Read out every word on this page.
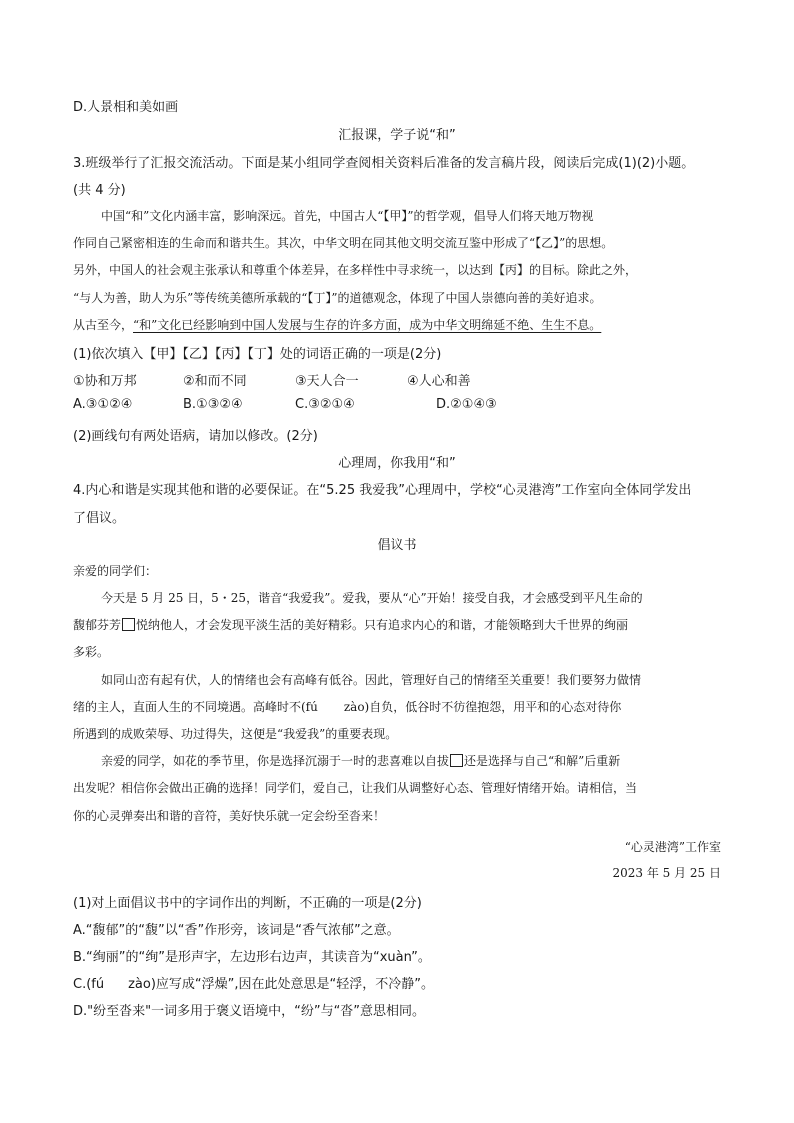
D.人景相和美如画
汇报课，学子说“和”
3.班级举行了汇报交流活动。下面是某小组同学查阅相关资料后准备的发言稿片段，阅读后完成(1)(2)小题。
(共 4 分)
中国“和”文化内涵丰富，影响深远。首先，中国古人“【甲】”的哲学观，倡导人们将天地万物视
作同自己紧密相连的生命而和谐共生。其次，中华文明在同其他文明交流互鉴中形成了“【乙】”的思想。
另外，中国人的社会观主张承认和尊重个体差异，在多样性中寻求统一，以达到【丙】的目标。除此之外，
“与人为善，助人为乐”等传统美德所承载的“【丁】”的道德观念，体现了中国人崇德向善的美好追求。
从古至今，“和”文化已经影响到中国人发展与生存的许多方面，成为中华文明绵延不绝、生生不息。
(1)依次填入【甲】【乙】【丙】【丁】处的词语正确的一项是(2分)
①协和万邦	②和而不同	③天人合一	④人心和善
A.③①②④	B.①③②④	C.③②①④	D.②①④③
(2)画线句有两处语病，请加以修改。(2分)
心理周，你我用“和”
4.内心和谐是实现其他和谐的必要保证。在“5.25 我爱我”心理周中，学校“心灵港湾”工作室向全体同学发出
了倡议。
倡议书
亲爱的同学们：
今天是 5 月 25 日，5・25，谐音“我爱我”。爱我，要从“心”开始！接受自我，才会感受到平凡生命的
馥郁芬芳 悦纳他人，才会发现平淡生活的美好精彩。只有追求内心的和谐，才能领略到大千世界的绚丽
多彩。
如同山峦有起有伏，人的情绪也会有高峰有低谷。因此，管理好自己的情绪至关重要！我们要努力做情
绪的主人，直面人生的不同境遇。高峰时不(fú zào)自负，低谷时不彷徨抱怨，用平和的心态对待你
所遇到的成败荣辱、功过得失，这便是“我爱我”的重要表现。
亲爱的同学，如花的季节里，你是选择沉溺于一时的悲喜难以自拔 还是选择与自己“和解”后重新
出发呢？相信你会做出正确的选择！同学们，爱自己，让我们从调整好心态、管理好情绪开始。请相信，当
你的心灵弹奏出和谐的音符，美好快乐就一定会纷至沓来！
“心灵港湾”工作室
2023 年 5 月 25 日
(1)对上面倡议书中的字词作出的判断，不正确的一项是(2分)
A.“馥郁”的“馥”以“香”作形旁，该词是“香气浓郁”之意。
B.“绚丽”的“绚”是形声字，左边形右边声，其读音为“xuàn”。
C.(fú zào)应写成“浮燥”,因在此处意思是“轻浮，不冷静”。
D."纷至沓来"一词多用于褒义语境中，“纷”与“沓”意思相同。
